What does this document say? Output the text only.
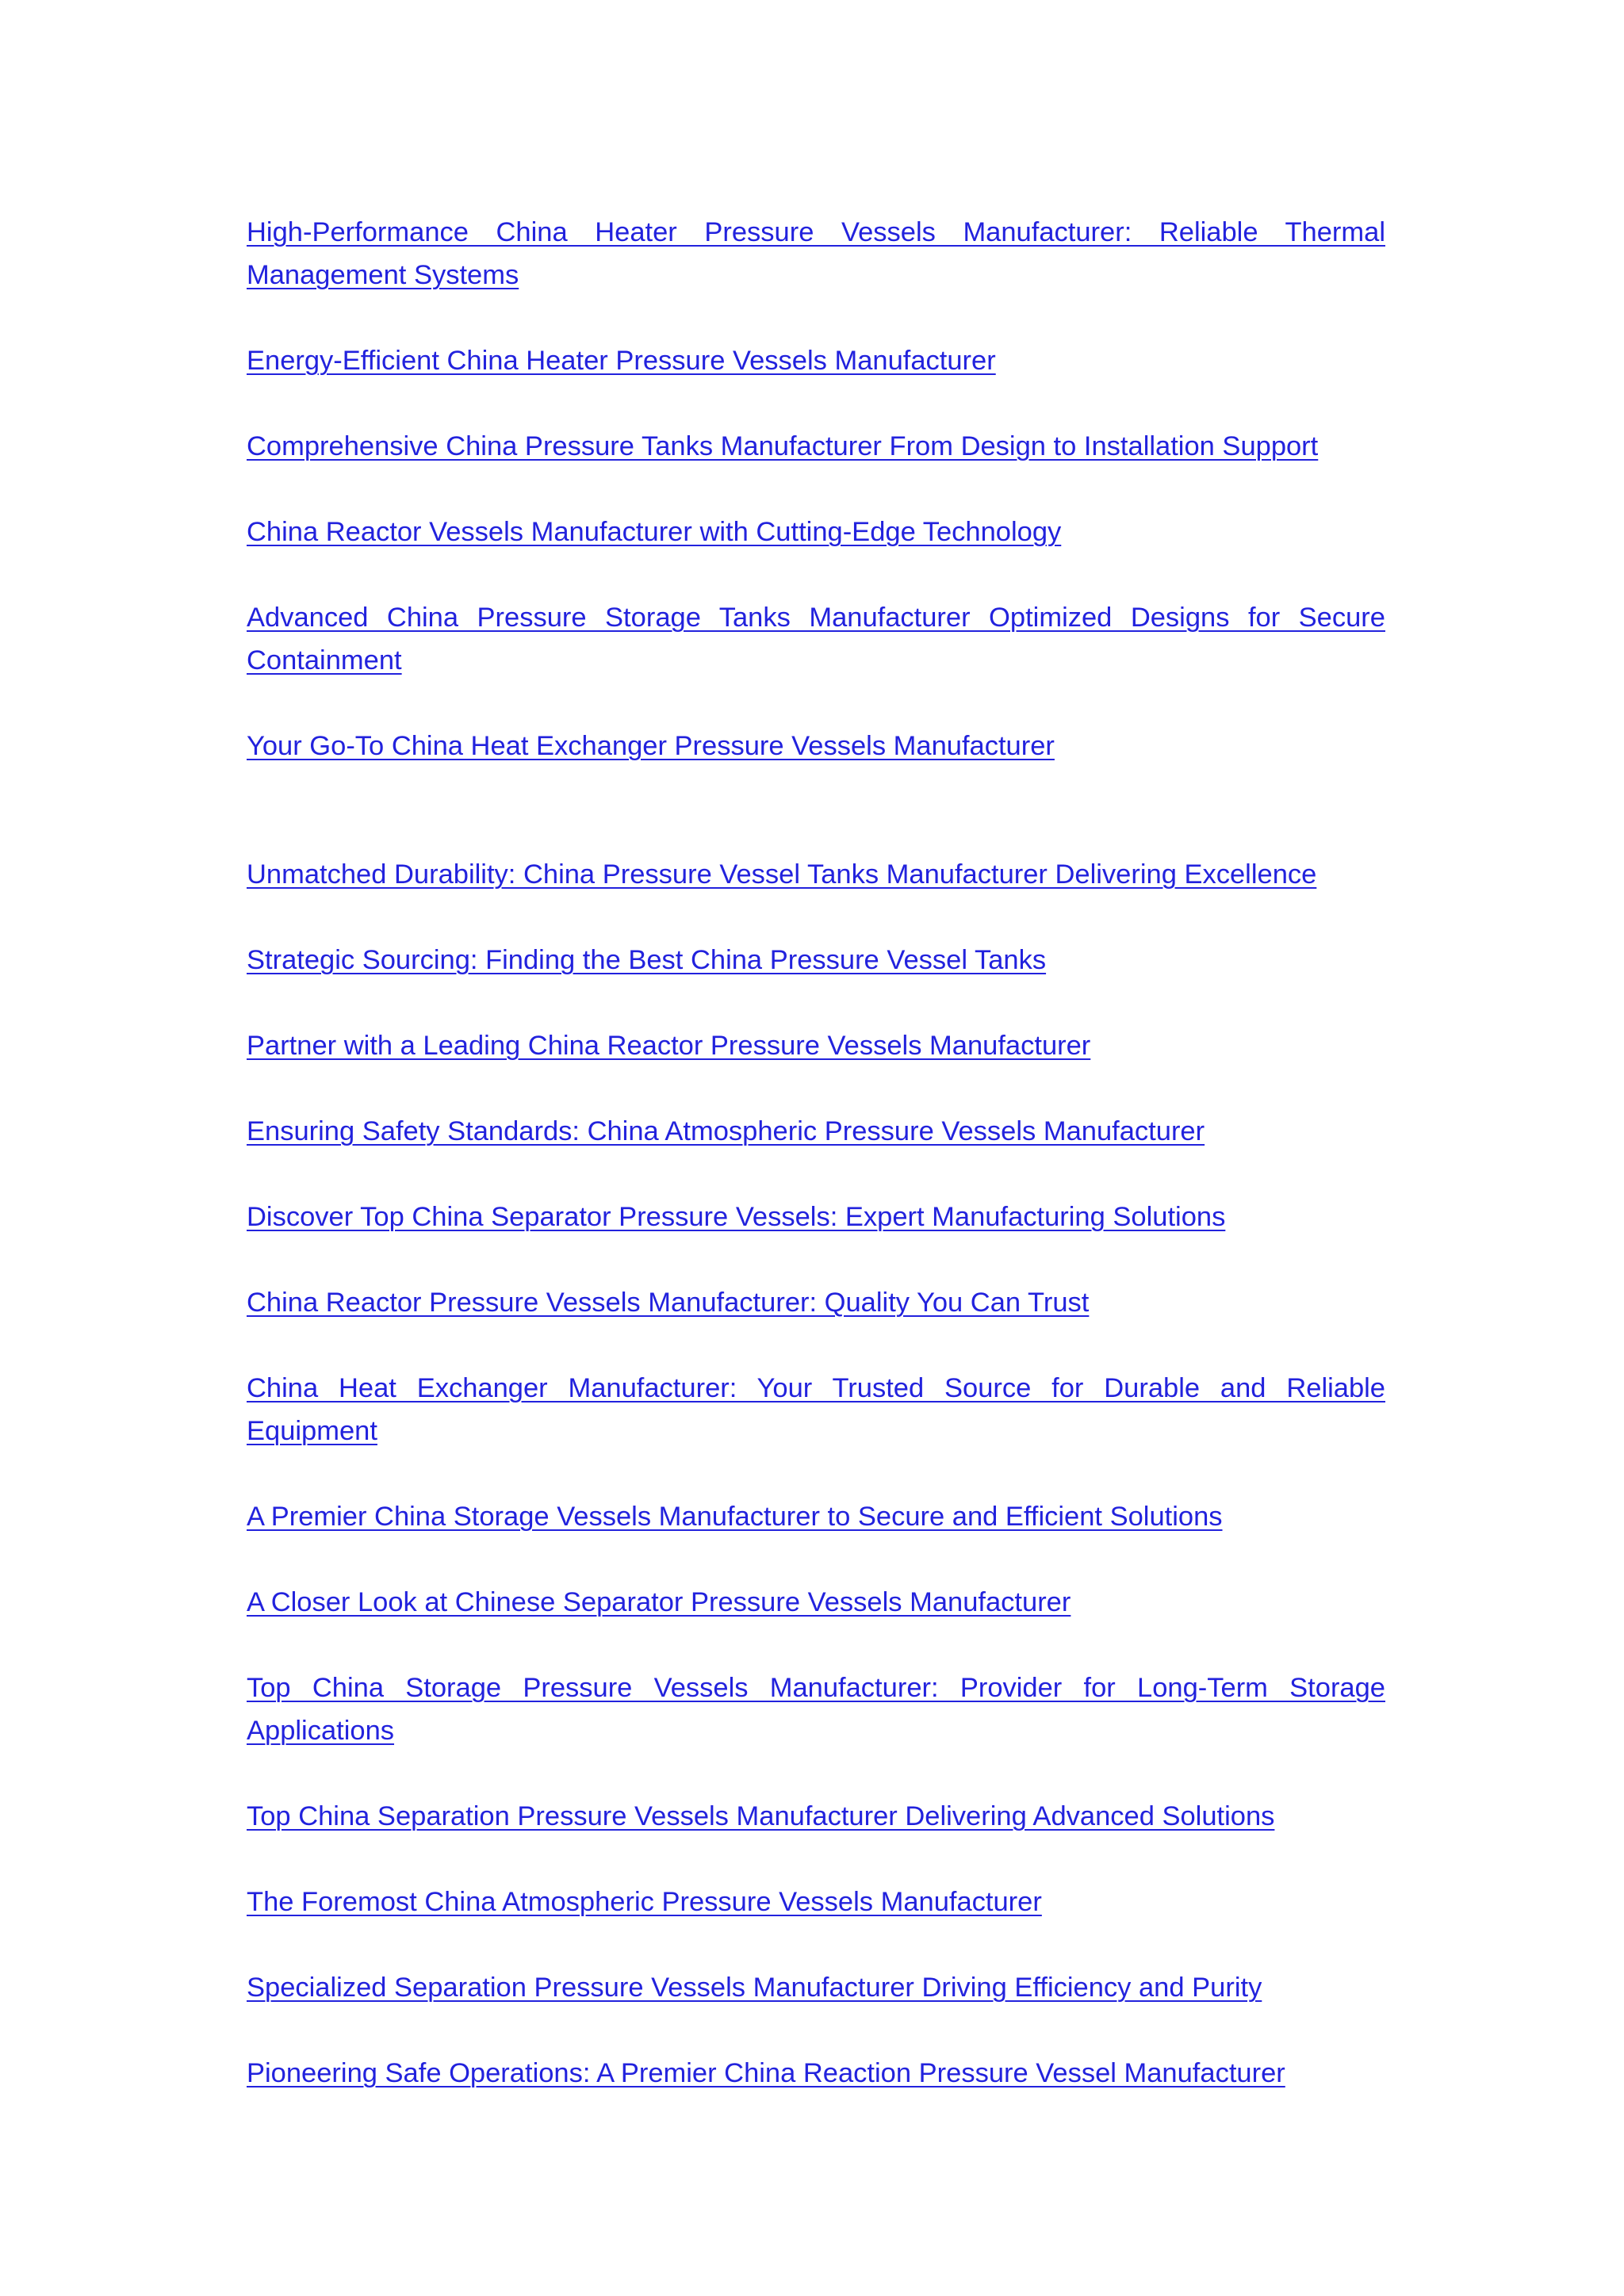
High-Performance China Heater Pressure Vessels Manufacturer: Reliable Thermal Management Systems
Energy-Efficient China Heater Pressure Vessels Manufacturer
Comprehensive China Pressure Tanks Manufacturer From Design to Installation Support
China Reactor Vessels Manufacturer with Cutting-Edge Technology
Advanced China Pressure Storage Tanks Manufacturer Optimized Designs for Secure Containment
Your Go-To China Heat Exchanger Pressure Vessels Manufacturer
Unmatched Durability: China Pressure Vessel Tanks Manufacturer Delivering Excellence
Strategic Sourcing: Finding the Best China Pressure Vessel Tanks
Partner with a Leading China Reactor Pressure Vessels Manufacturer
Ensuring Safety Standards: China Atmospheric Pressure Vessels Manufacturer
Discover Top China Separator Pressure Vessels: Expert Manufacturing Solutions
China Reactor Pressure Vessels Manufacturer: Quality You Can Trust
China Heat Exchanger Manufacturer: Your Trusted Source for Durable and Reliable Equipment
A Premier China Storage Vessels Manufacturer to Secure and Efficient Solutions
A Closer Look at Chinese Separator Pressure Vessels Manufacturer
Top China Storage Pressure Vessels Manufacturer: Provider for Long-Term Storage Applications
Top China Separation Pressure Vessels Manufacturer Delivering Advanced Solutions
The Foremost China Atmospheric Pressure Vessels Manufacturer
Specialized Separation Pressure Vessels Manufacturer Driving Efficiency and Purity
Pioneering Safe Operations: A Premier China Reaction Pressure Vessel Manufacturer
